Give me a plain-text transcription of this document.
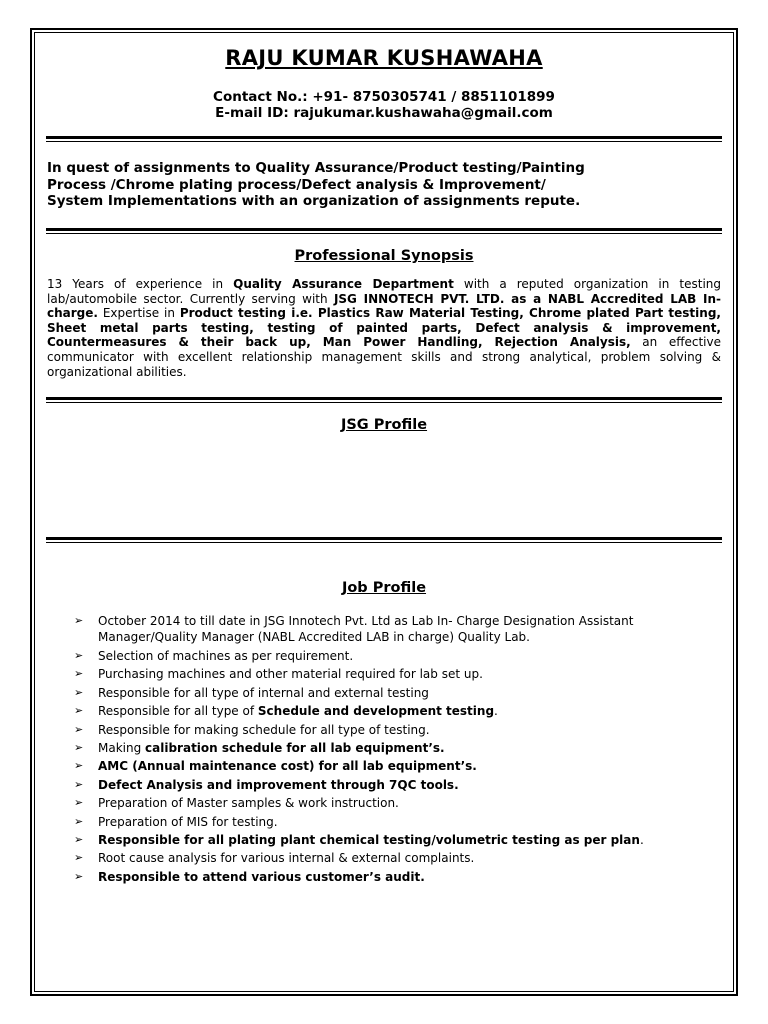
RAJU KUMAR KUSHAWAHA
Contact No.: +91- 8750305741 / 8851101899
E-mail ID: rajukumar.kushawaha@gmail.com
In quest of assignments to Quality Assurance/Product testing/Painting
Process /Chrome plating process/Defect analysis & Improvement/
System Implementations with an organization of assignments repute.
Professional Synopsis
13 Years of experience in Quality Assurance Department with a reputed organization in testing lab/automobile sector. Currently serving with JSG INNOTECH PVT. LTD. as a NABL Accredited LAB In-charge. Expertise in Product testing i.e. Plastics Raw Material Testing, Chrome plated Part testing, Sheet metal parts testing, testing of painted parts, Defect analysis & improvement, Countermeasures & their back up, Man Power Handling, Rejection Analysis, an effective communicator with excellent relationship management skills and strong analytical, problem solving & organizational abilities.
JSG Profile
Job Profile
➢ October 2014 to till date in JSG Innotech Pvt. Ltd as Lab In- Charge Designation Assistant Manager/Quality Manager (NABL Accredited LAB in charge) Quality Lab.
➢ Selection of machines as per requirement.
➢ Purchasing machines and other material required for lab set up.
➢ Responsible for all type of internal and external testing
➢ Responsible for all type of Schedule and development testing.
➢ Responsible for making schedule for all type of testing.
➢ Making calibration schedule for all lab equipment’s.
➢ AMC (Annual maintenance cost) for all lab equipment’s.
➢ Defect Analysis and improvement through 7QC tools.
➢ Preparation of Master samples & work instruction.
➢ Preparation of MIS for testing.
➢ Responsible for all plating plant chemical testing/volumetric testing as per plan.
➢ Root cause analysis for various internal & external complaints.
➢ Responsible to attend various customer’s audit.
